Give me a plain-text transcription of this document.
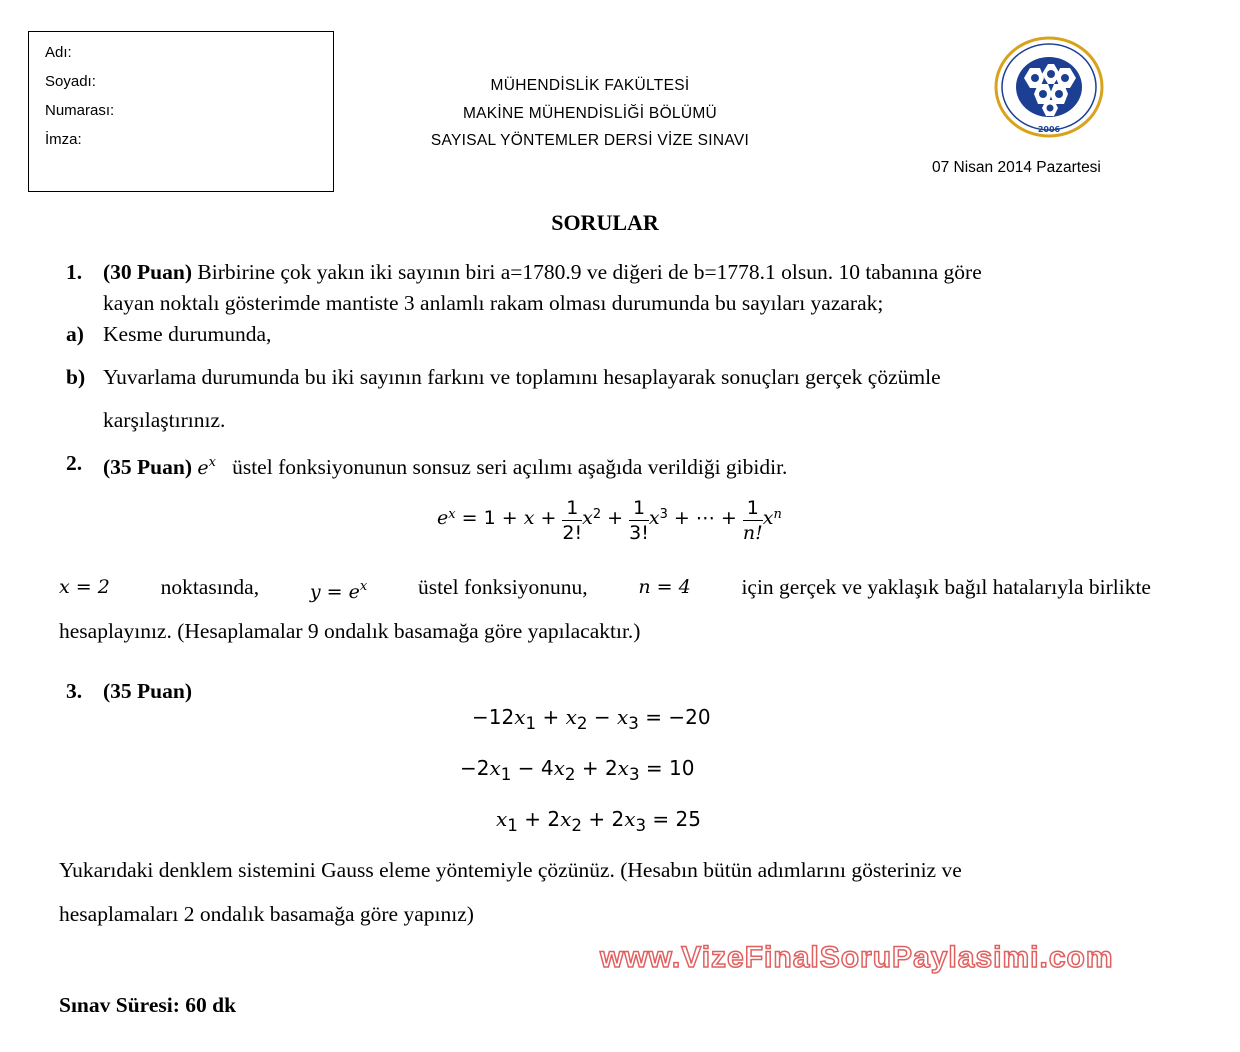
Adı:
Soyadı:
Numarası:
İmza:
MÜHENDİSLİK FAKÜLTESİ
MAKİNE MÜHENDİSLİĞİ BÖLÜMÜ
SAYISAL YÖNTEMLER DERSİ VİZE SINAVI
07 Nisan 2014 Pazartesi
2006
SORULAR
1. (30 Puan) Birbirine çok yakın iki sayının biri a=1780.9 ve diğeri de b=1778.1 olsun. 10 tabanına göre
kayan noktalı gösterimde mantiste 3 anlamlı rakam olması durumunda bu sayıları yazarak;
a) Kesme durumunda,
b) Yuvarlama durumunda bu iki sayının farkını ve toplamını hesaplayarak sonuçları gerçek çözümle
karşılaştırınız.
2. (35 Puan) $e^x$ üstel fonksiyonunun sonsuz seri açılımı aşağıda verildiği gibidir.
$e^x = 1 + x + \frac{1}{2!} x^2 + \frac{1}{3!} x^3$ + ⋯ + $\frac{1}{n!} x^n$
x = 2 noktasında,	$y = e^x$ üstel fonksiyonunu,	n = 4 için gerçek ve yaklaşık bağıl hatalarıyla birlikte
hesaplayınız. (Hesaplamalar 9 ondalık basamağa göre yapılacaktır.)
3. (35 Puan)
$-12x_1 + x_2 - x_3 = -20$
$-2x_1 - 4x_2 + 2x_3 = 10$
$x_1 + 2x_2 + 2x_3 = 25$
Yukarıdaki denklem sistemini Gauss eleme yöntemiyle çözünüz. (Hesabın bütün adımlarını gösteriniz ve
hesaplamaları 2 ondalık basamağa göre yapınız)
Sınav Süresi: 60 dk
www.VizeFinalSoruPaylasimi.com
